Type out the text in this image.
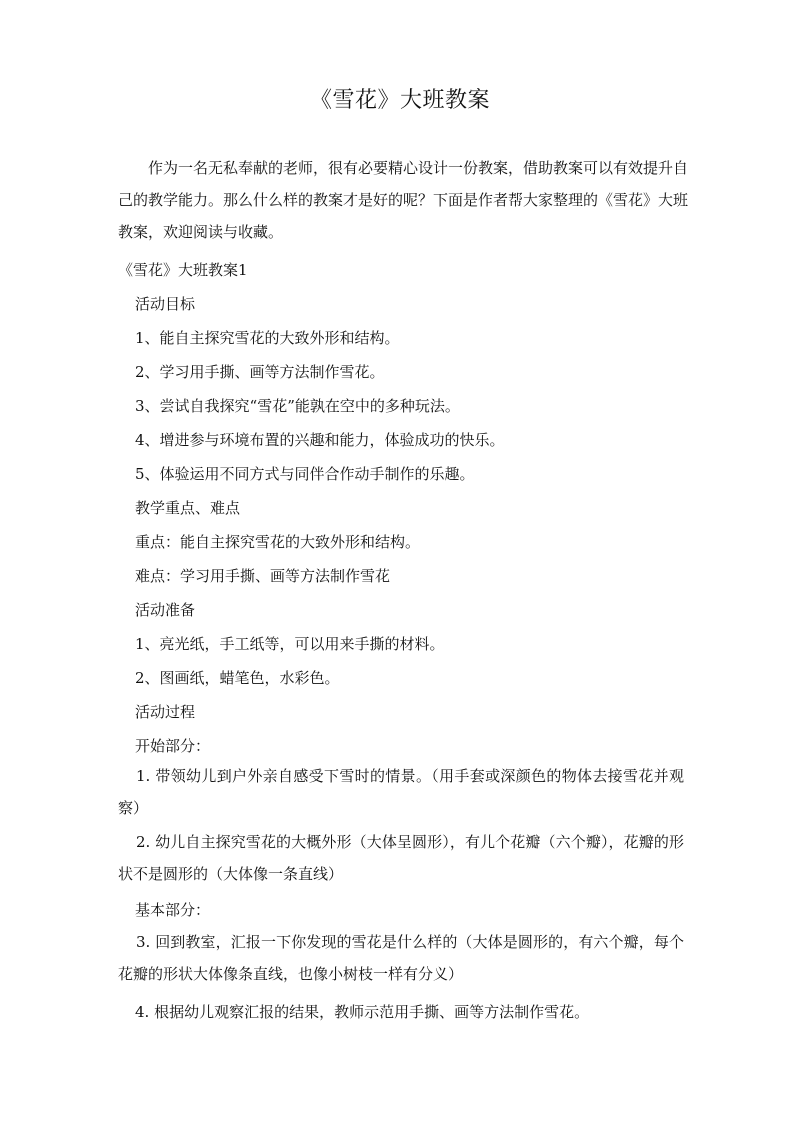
《雪花》大班教案
作为一名无私奉献的老师，很有必要精心设计一份教案，借助教案可以有效提升自己的教学能力。那么什么样的教案才是好的呢？下面是作者帮大家整理的《雪花》大班教案，欢迎阅读与收藏。
《雪花》大班教案1
活动目标
1、能自主探究雪花的大致外形和结构。
2、学习用手撕、画等方法制作雪花。
3、尝试自我探究“雪花”能孰在空中的多种玩法。
4、增进参与环境布置的兴趣和能力，体验成功的快乐。
5、体验运用不同方式与同伴合作动手制作的乐趣。
教学重点、难点
重点：能自主探究雪花的大致外形和结构。
难点：学习用手撕、画等方法制作雪花
活动准备
1、亮光纸，手工纸等，可以用来手撕的材料。
2、图画纸，蜡笔色，水彩色。
活动过程
开始部分：
1. 带领幼儿到户外亲自感受下雪时的情景。（用手套或深颜色的物体去接雪花并观察）
2. 幼儿自主探究雪花的大概外形（大体呈圆形），有儿个花瓣（六个瓣），花瓣的形状不是圆形的（大体像一条直线）
基本部分：
3. 回到教室，汇报一下你发现的雪花是什么样的（大体是圆形的，有六个瓣，每个花瓣的形状大体像条直线，也像小树枝一样有分义）
4. 根据幼儿观察汇报的结果，教师示范用手撕、画等方法制作雪花。
